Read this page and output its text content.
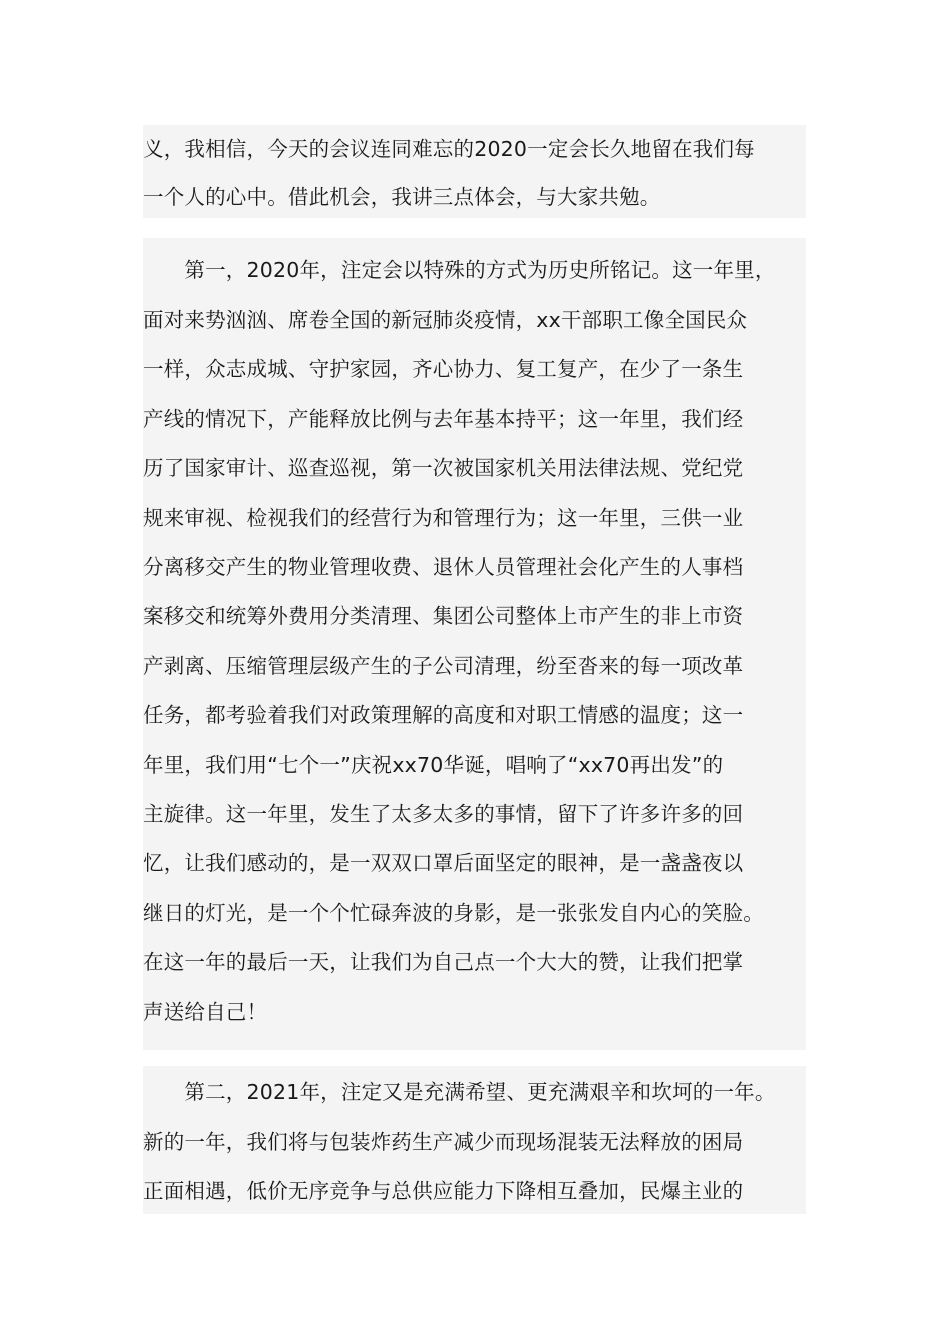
义，我相信，今天的会议连同难忘的2020一定会长久地留在我们每
一个人的心中。借此机会，我讲三点体会，与大家共勉。
　　第一，2020年，注定会以特殊的方式为历史所铭记。这一年里，
面对来势汹汹、席卷全国的新冠肺炎疫情，xx干部职工像全国民众
一样，众志成城、守护家园，齐心协力、复工复产，在少了一条生
产线的情况下，产能释放比例与去年基本持平；这一年里，我们经
历了国家审计、巡查巡视，第一次被国家机关用法律法规、党纪党
规来审视、检视我们的经营行为和管理行为；这一年里，三供一业
分离移交产生的物业管理收费、退休人员管理社会化产生的人事档
案移交和统筹外费用分类清理、集团公司整体上市产生的非上市资
产剥离、压缩管理层级产生的子公司清理，纷至沓来的每一项改革
任务，都考验着我们对政策理解的高度和对职工情感的温度；这一
年里，我们用“七个一”庆祝xx70华诞，唱响了“xx70再出发”的
主旋律。这一年里，发生了太多太多的事情，留下了许多许多的回
忆，让我们感动的，是一双双口罩后面坚定的眼神，是一盏盏夜以
继日的灯光，是一个个忙碌奔波的身影，是一张张发自内心的笑脸。
在这一年的最后一天，让我们为自己点一个大大的赞，让我们把掌
声送给自己！
　　第二，2021年，注定又是充满希望、更充满艰辛和坎坷的一年。
新的一年，我们将与包装炸药生产减少而现场混装无法释放的困局
正面相遇，低价无序竞争与总供应能力下降相互叠加，民爆主业的
